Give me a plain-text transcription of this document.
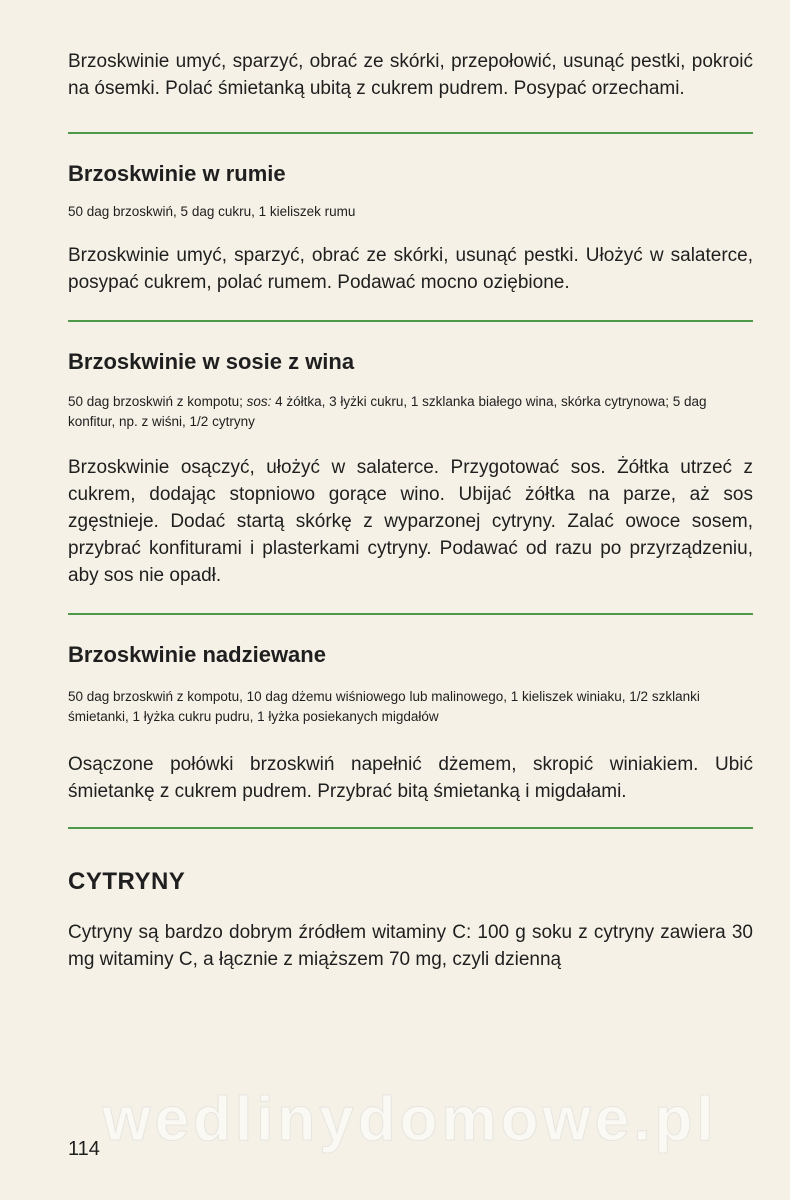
Brzoskwinie umyć, sparzyć, obrać ze skórki, przepołowić, usunąć pestki, pokroić na ósemki. Polać śmietanką ubitą z cukrem pudrem. Posypać orzechami.

Brzoskwinie w rumie

50 dag brzoskwiń, 5 dag cukru, 1 kieliszek rumu

Brzoskwinie umyć, sparzyć, obrać ze skórki, usunąć pestki. Ułożyć w salaterce, posypać cukrem, polać rumem. Podawać mocno oziębione.

Brzoskwinie w sosie z wina

50 dag brzoskwiń z kompotu; sos: 4 żółtka, 3 łyżki cukru, 1 szklanka białego wina, skórka cytrynowa; 5 dag konfitur, np. z wiśni, 1/2 cytryny

Brzoskwinie osączyć, ułożyć w salaterce. Przygotować sos. Żółtka utrzeć z cukrem, dodając stopniowo gorące wino. Ubijać żółtka na parze, aż sos zgęstnieje. Dodać startą skórkę z wyparzonej cytryny. Zalać owoce sosem, przybrać konfiturami i plasterkami cytryny. Podawać od razu po przyrządzeniu, aby sos nie opadł.

Brzoskwinie nadziewane

50 dag brzoskwiń z kompotu, 10 dag dżemu wiśniowego lub malinowego, 1 kieliszek winiaku, 1/2 szklanki śmietanki, 1 łyżka cukru pudru, 1 łyżka posiekanych migdałów

Osączone połówki brzoskwiń napełnić dżemem, skropić winiakiem. Ubić śmietankę z cukrem pudrem. Przybrać bitą śmietanką i migdałami.

CYTRYNY

Cytryny są bardzo dobrym źródłem witaminy C: 100 g soku z cytryny zawiera 30 mg witaminy C, a łącznie z miąższem 70 mg, czyli dzienną

wedlinydomowe.pl
114
